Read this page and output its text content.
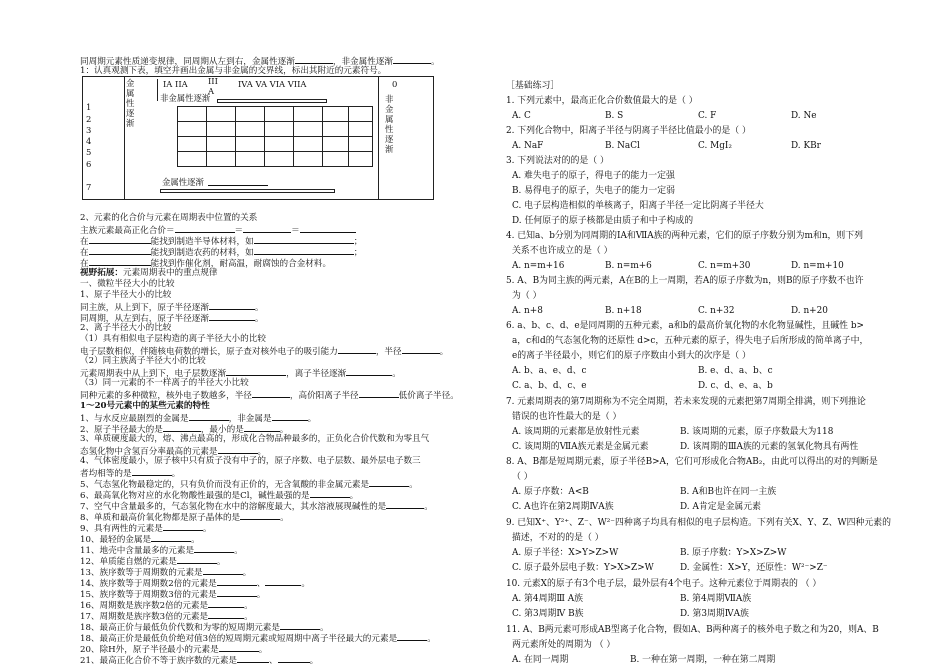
同周期元素性质递变规律，同周期从左到右，金属性逐渐	，非金属性逐渐	。
1：认真观测下表，填空并画出金属与非金属的交界线，标出其附近的元素符号。
金属性逐渐
IA IIA III A
IVA VA VIA VIIA	0
非金属性逐渐	非金属性逐渐
1
2
3
4
5
6
7	金属性逐渐
2、元素的化合价与元素在周期表中位置的关系
主族元素最高正化合价＝	＝	＝
在	能找到制造半导体材料，如	；
在	能找到制造农药的材料，如	；
在	能找到作催化剂，耐高温，耐腐蚀的合金材料。
视野拓展：元素周期表中的重点规律
一、微粒半径大小的比较
1、原子半径大小的比较
同主族，从上到下，原子半径逐渐	。
同周期，从左到右，原子半径逐渐	。
2、离子半径大小的比较
（1）具有相似电子层构造的离子半径大小的比较
电子层数相似，伴随核电荷数的增长，原子查对核外电子的吸引能力	，半径	。
（2）同主族离子半径大小的比较
元素周期表中从上到下，电子层数逐渐	，离子半径逐渐	。
（3）同一元素的不一样离子的半径大小比较
同种元素的多种微粒，核外电子数越多，半径	，高价阳离子半径	低价离子半径。
1～20号元素中的某些元素的特性
1、与水反应最剧烈的金属是	，非金属是	。
2、原子半径最大的是	，最小的是	。
3、单质硬度最大的，熔、沸点最高的，形成化合物品种最多的，正负化合价代数和为零且气
态氢化物中含氢百分率最高的元素是	。
4、气体密度最小，原子核中只有质子没有中子的，原子序数、电子层数、最外层电子数三
者均相等的是	。
5、气态氢化物最稳定的，只有负价而没有正价的，无含氧酸的非金属元素是	。
6、最高氧化物对应的水化物酸性最强的是Cl，碱性最强的是	。
7、空气中含量最多的，气态氢化物在水中的溶解度最大，其水溶液展现碱性的是	。
8、单质和最高价氧化物都是原子晶体的是	。
9、具有两性的元素是	。
10、最轻的金属是	。
11、地壳中含量最多的元素是	。
12、单质能自燃的元素是	。
13、族序数等于周期数的元素是	。
14、族序数等于周期数2倍的元素是	、	。
15、族序数等于周期数3倍的元素是	。
16、周期数是族序数2倍的元素是	。
17、周期数是族序数3倍的元素是	。
18、最高正价与最低负价代数和为零的短周期元素是	。
18、最高正价是最低负价绝对值3倍的短周期元素或短周期中离子半径最大的元素是	。
20、除H外，原子半径最小的元素是	。
21、最高正化合价不等于族序数的元素是	、	。
［基础练习］
1. 下列元素中，最高正化合价数值最大的是（ ）
A. C	B. S	C. F	D. Ne
2. 下列化合物中，阳离子半径与阴离子半径比值最小的是（ ）
A. NaF	B. NaCl	C. MgI₂	D. KBr
3. 下列说法对的的是（ ）
A. 难失电子的原子，得电子的能力一定强
B. 易得电子的原子，失电子的能力一定弱
C. 电子层构造相似的单核离子，阳离子半径一定比阴离子半径大
D. 任何原子的原子核都是由质子和中子构成的
4. 已知a、b分别为同周期的ⅠA和ⅦA族的两种元素，它们的原子序数分别为m和n，则下列
关系不也许成立的是（ ）
A. n=m+16	B. n=m+6	C. n=m+30	D. n=m+10
5. A、B为同主族的两元素，A在B的上一周期，若A的原子序数为n，则B的原子序数不也许
为（ ）
A. n+8	B. n+18	C. n+32	D. n+20
6. a、b、c、d、e是同周期的五种元素，a和b的最高价氧化物的水化物显碱性，且碱性 b>
a，c和d的气态氢化物的还原性 d>c，五种元素的原子，得失电子后所形成的简单离子中，
e的离子半径最小，则它们的原子序数由小到大的次序是（ ）
A. b、a、e、d、c	B. e、d、a、b、c
C. a、b、d、c、e	D. c、d、e、a、b
7. 元素周期表的第7周期称为不完全周期，若未来发现的元素把第7周期全排满，则下列推论
错误的也许性最大的是（ ）
A. 该周期的元素都是放射性元素	B. 该周期的元素，原子序数最大为118
C. 该周期的ⅦA族元素是金属元素	D. 该周期的ⅢA族的元素的氢氧化物具有两性
8. A、B都是短周期元素，原子半径B>A，它们可形成化合物AB₂，由此可以得出的对的判断是
（ ）
A. 原子序数：A<B	B. A和B也许在同一主族
C. A也许在第2周期ⅣA族	D. A肯定是金属元素
9. 已知X⁺、Y²⁺、Z⁻、W²⁻四种离子均具有相似的电子层构造。下列有关X、Y、Z、W四种元素的
描述，不对的的是（ ）
A. 原子半径：X>Y>Z>W	B. 原子序数：Y>X>Z>W
C. 原子最外层电子数：Y>X>Z>W	D. 金属性：X>Y，还原性：W²⁻>Z⁻
10. 元素X的原子有3个电子层，最外层有4个电子。这种元素位于周期表的 （ ）
A. 第4周期Ⅲ A族	B. 第4周期ⅦA族
C. 第3周期Ⅳ B族	D. 第3周期ⅣA族
11. A、B两元素可形成AB型离子化合物，假如A、B两种离子的核外电子数之和为20，则A、B
两元素所处的周期为 （ ）
A. 在同一周期	B. 一种在第一周期，一种在第二周期
